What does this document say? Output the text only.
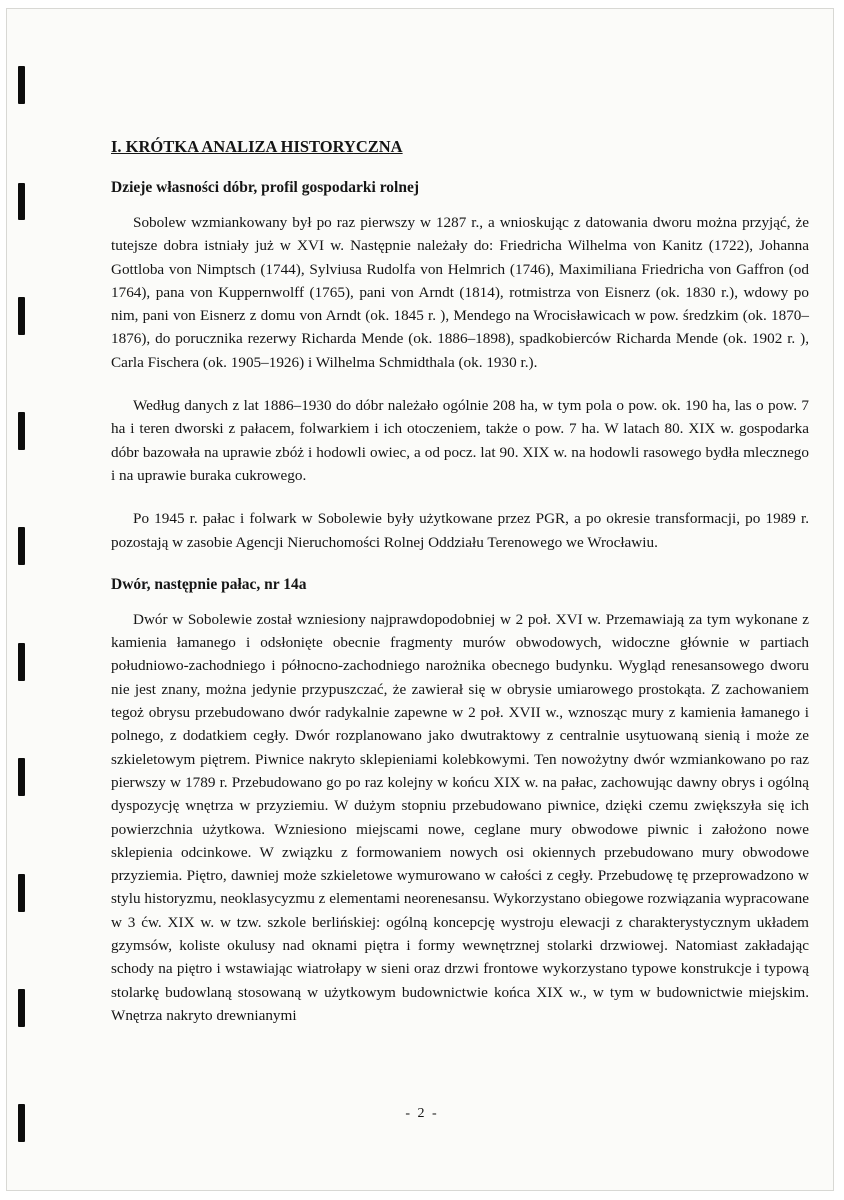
I. KRÓTKA ANALIZA HISTORYCZNA
Dzieje własności dóbr, profil gospodarki rolnej

Sobolew wzmiankowany był po raz pierwszy w 1287 r., a wnioskując z datowania dworu można przyjąć, że tutejsze dobra istniały już w XVI w. Następnie należały do: Friedricha Wilhelma von Kanitz (1722), Johanna Gottloba von Nimptsch (1744), Sylviusa Rudolfa von Helmrich (1746), Maximiliana Friedricha von Gaffron (od 1764), pana von Kuppernwolff (1765), pani von Arndt (1814), rotmistrza von Eisnerz (ok. 1830 r.), wdowy po nim, pani von Eisnerz z domu von Arndt (ok. 1845 r. ), Mendego na Wrocisławicach w pow. średzkim (ok. 1870–1876), do porucznika rezerwy Richarda Mende (ok. 1886–1898), spadkobierców Richarda Mende (ok. 1902 r. ), Carla Fischera (ok. 1905–1926) i Wilhelma Schmidthala (ok. 1930 r.).

Według danych z lat 1886–1930 do dóbr należało ogólnie 208 ha, w tym pola o pow. ok. 190 ha, las o pow. 7 ha i teren dworski z pałacem, folwarkiem i ich otoczeniem, także o pow. 7 ha. W latach 80. XIX w. gospodarka dóbr bazowała na uprawie zbóż i hodowli owiec, a od pocz. lat 90. XIX w. na hodowli rasowego bydła mlecznego i na uprawie buraka cukrowego.

Po 1945 r. pałac i folwark w Sobolewie były użytkowane przez PGR, a po okresie transformacji, po 1989 r. pozostają w zasobie Agencji Nieruchomości Rolnej Oddziału Terenowego we Wrocławiu.

Dwór, następnie pałac, nr 14a

Dwór w Sobolewie został wzniesiony najprawdopodobniej w 2 poł. XVI w. Przemawiają za tym wykonane z kamienia łamanego i odsłonięte obecnie fragmenty murów obwodowych, widoczne głównie w partiach południowo-zachodniego i północno-zachodniego narożnika obecnego budynku. Wygląd renesansowego dworu nie jest znany, można jedynie przypuszczać, że zawierał się w obrysie umiarowego prostokąta. Z zachowaniem tegoż obrysu przebudowano dwór radykalnie zapewne w 2 poł. XVII w., wznosząc mury z kamienia łamanego i polnego, z dodatkiem cegły. Dwór rozplanowano jako dwutraktowy z centralnie usytuowaną sienią i może ze szkieletowym piętrem. Piwnice nakryto sklepieniami kolebkowymi. Ten nowożytny dwór wzmiankowano po raz pierwszy w 1789 r. Przebudowano go po raz kolejny w końcu XIX w. na pałac, zachowując dawny obrys i ogólną dyspozycję wnętrza w przyziemiu. W dużym stopniu przebudowano piwnice, dzięki czemu zwiększyła się ich powierzchnia użytkowa. Wzniesiono miejscami nowe, ceglane mury obwodowe piwnic i założono nowe sklepienia odcinkowe. W związku z formowaniem nowych osi okiennych przebudowano mury obwodowe przyziemia. Piętro, dawniej może szkieletowe wymurowano w całości z cegły. Przebudowę tę przeprowadzono w stylu historyzmu, neoklasycyzmu z elementami neorenesansu. Wykorzystano obiegowe rozwiązania wypracowane w 3 ćw. XIX w. w tzw. szkole berlińskiej: ogólną koncepcję wystroju elewacji z charakterystycznym układem gzymsów, koliste okulusy nad oknami piętra i formy wewnętrznej stolarki drzwiowej. Natomiast zakładając schody na piętro i wstawiając wiatrołapy w sieni oraz drzwi frontowe wykorzystano typowe konstrukcje i typową stolarkę budowlaną stosowaną w użytkowym budownictwie końca XIX w., w tym w budownictwie miejskim. Wnętrza nakryto drewnianymi

- 2 -
